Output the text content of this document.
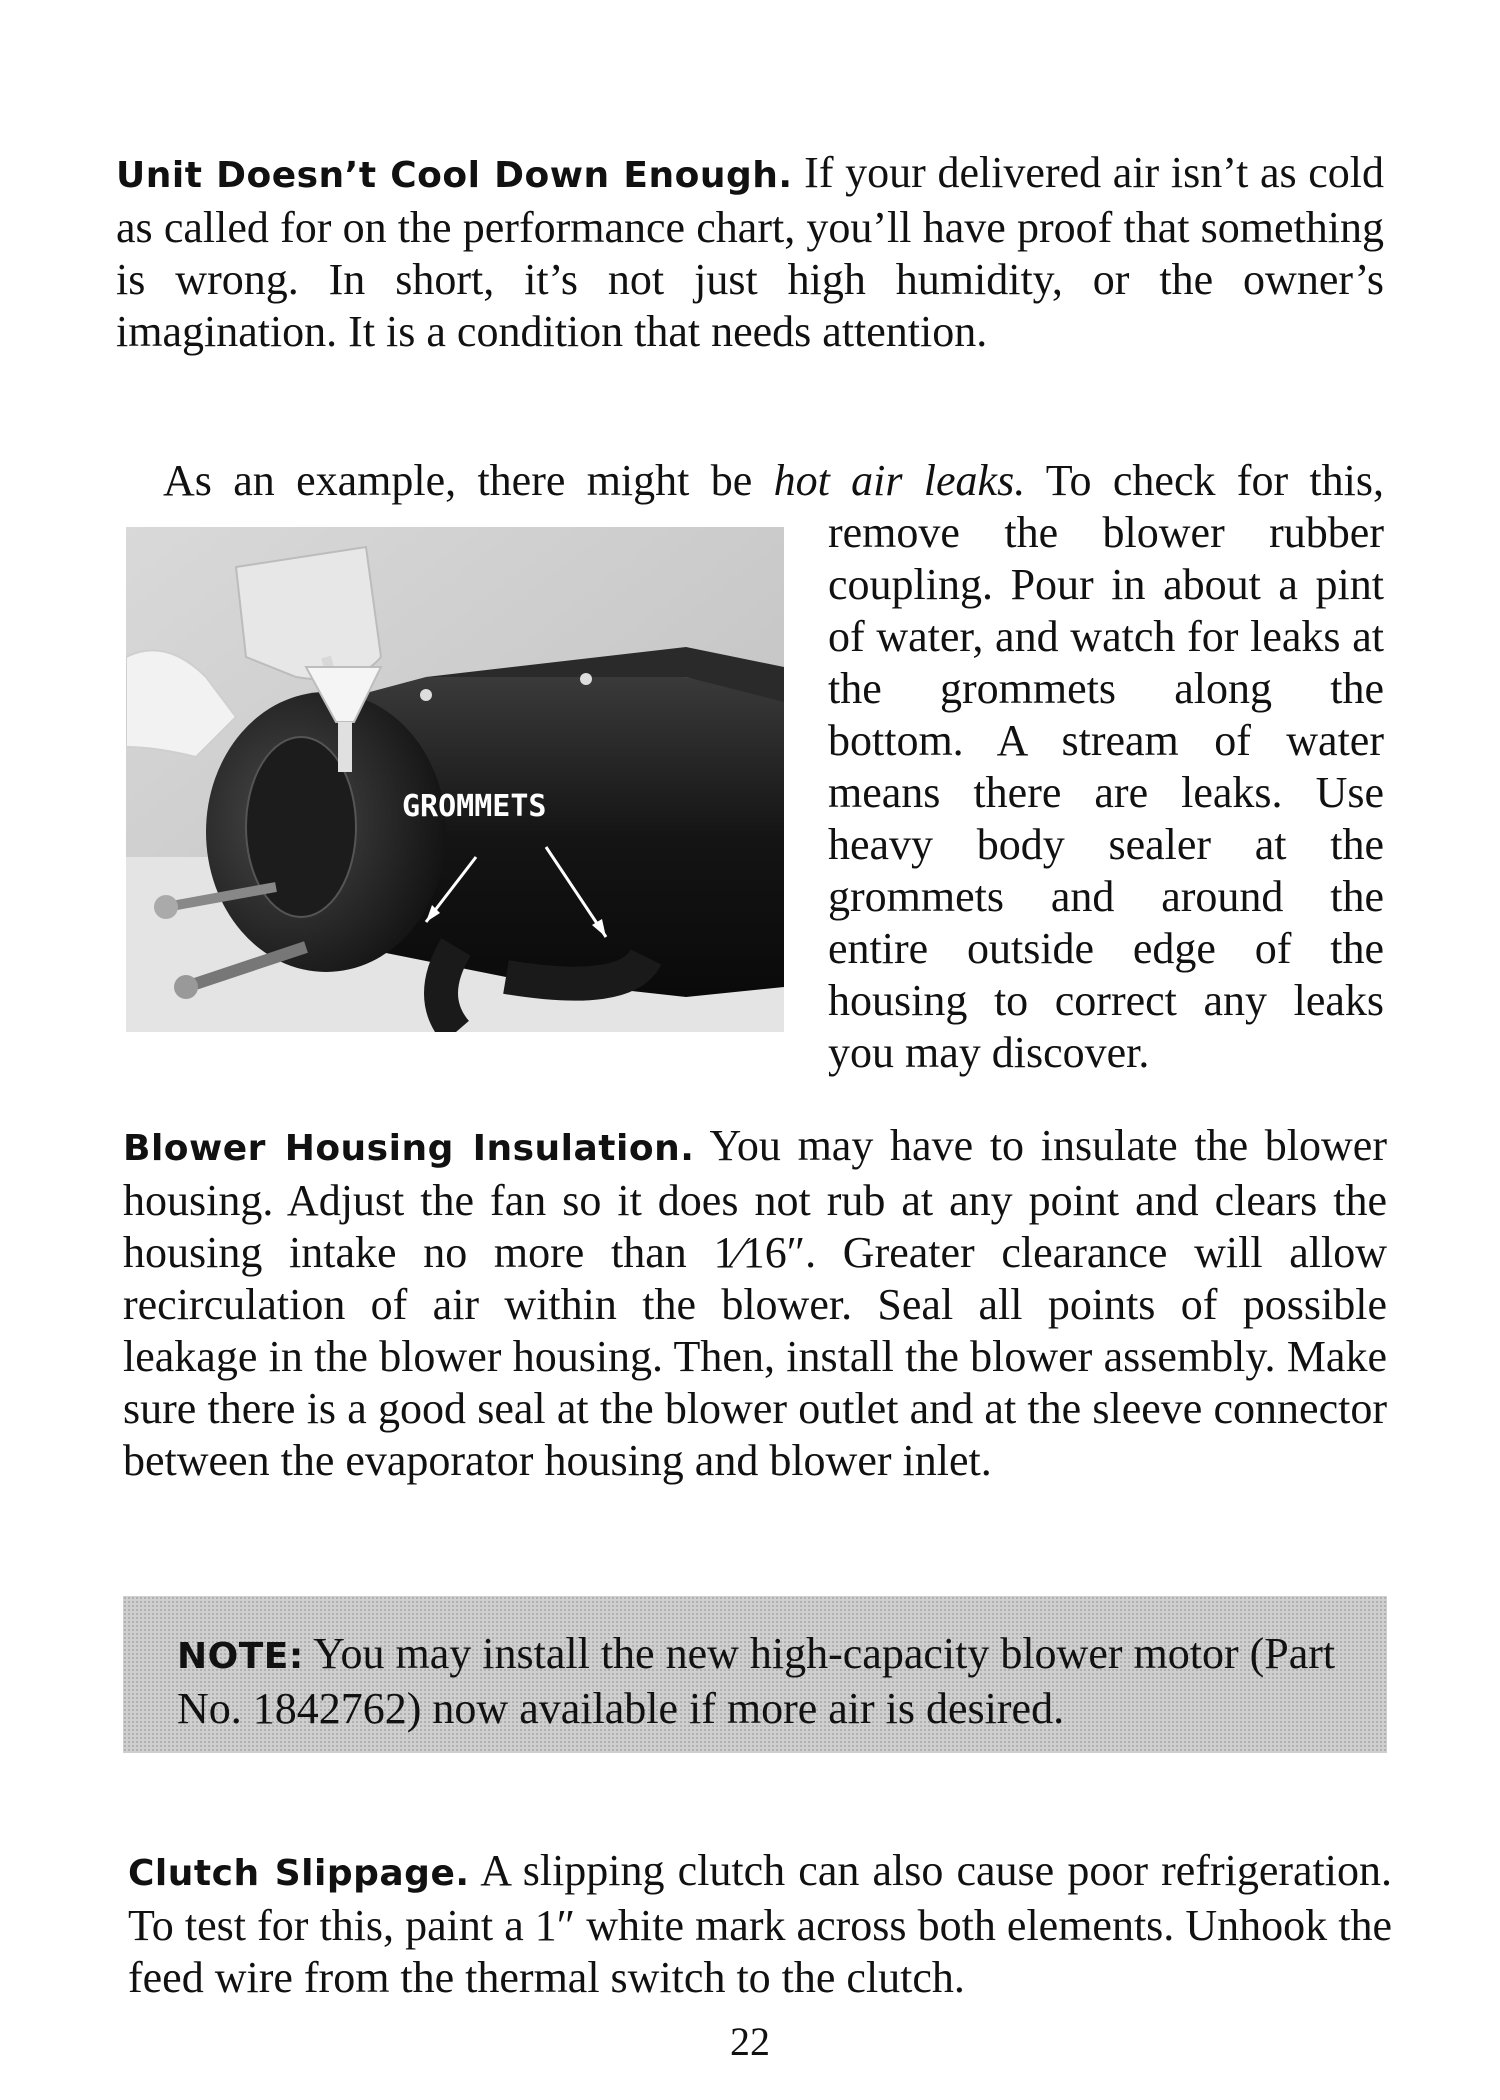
Unit Doesn’t Cool Down Enough. If your delivered air isn’t as cold as called for on the performance chart, you’ll have proof that something is wrong. In short, it’s not just high humidity, or the owner’s imagination. It is a condition that needs attention.

As an example, there might be hot air leaks. To check for this,

GROMMETS

remove the blower rubber coupling. Pour in about a pint of water, and watch for leaks at the grommets along the bottom. A stream of water means there are leaks. Use heavy body sealer at the grommets and around the entire outside edge of the housing to correct any leaks you may discover.

Blower Housing Insulation. You may have to insulate the blower housing. Adjust the fan so it does not rub at any point and clears the housing intake no more than 1⁄16″. Greater clearance will allow recirculation of air within the blower. Seal all points of possible leakage in the blower housing. Then, install the blower assembly. Make sure there is a good seal at the blower outlet and at the sleeve connector between the evaporator housing and blower inlet.

NOTE: You may install the new high-capacity blower motor (Part No. 1842762) now available if more air is desired.

Clutch Slippage. A slipping clutch can also cause poor refrigeration. To test for this, paint a 1″ white mark across both elements. Unhook the feed wire from the thermal switch to the clutch.

22
